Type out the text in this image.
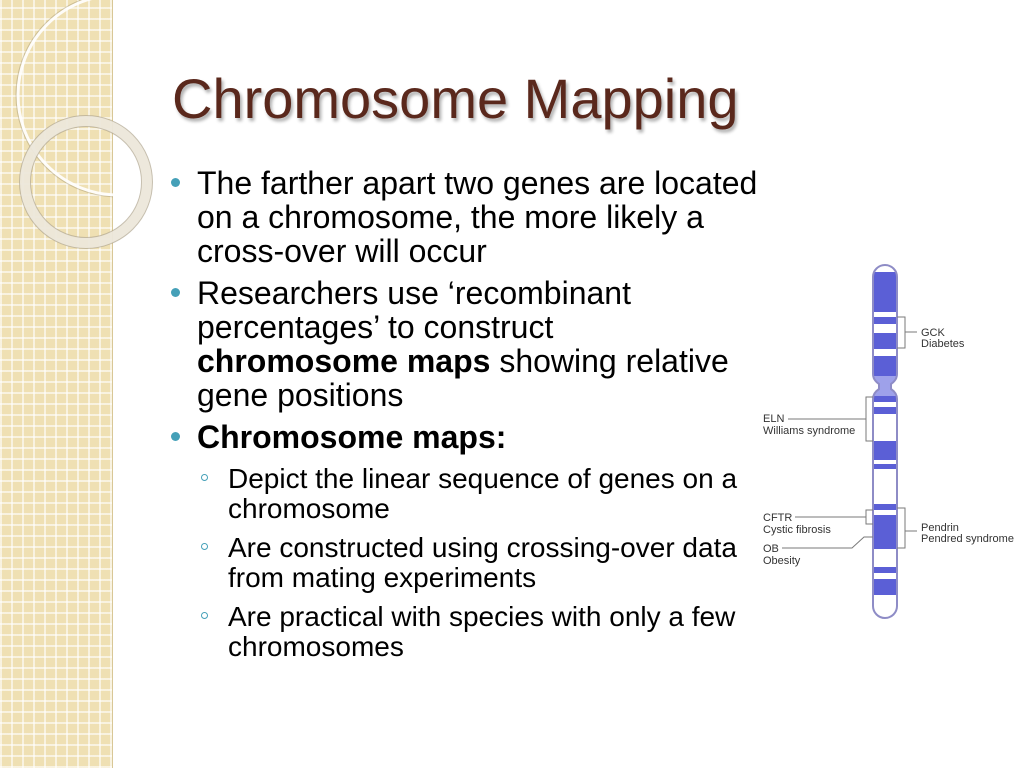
Chromosome Mapping
The farther apart two genes are located on a chromosome, the more likely a cross-over will occur
Researchers use ‘recombinant percentages’ to construct chromosome maps showing relative gene positions
Chromosome maps:
Depict the linear sequence of genes on a chromosome
Are constructed using crossing-over data from mating experiments
Are practical with species with only a few chromosomes
ELN
Williams syndrome
CFTR
Cystic fibrosis
OB
Obesity
GCK
Diabetes
Pendrin
Pendred syndrome
